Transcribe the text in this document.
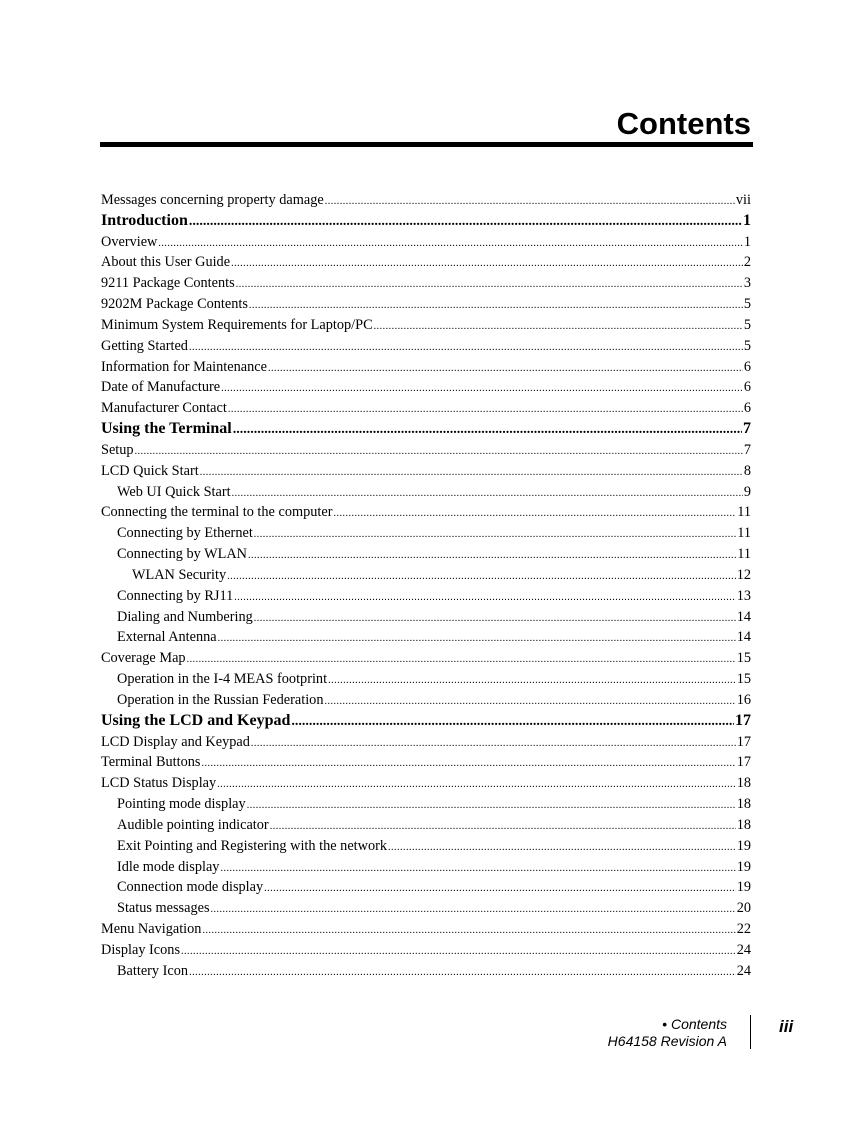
Contents
Messages concerning property damage .....	vii
Introduction .....	1
Overview .....	1
About this User Guide .....	2
9211 Package Contents .....	3
9202M Package Contents .....	5
Minimum System Requirements for Laptop/PC .....	5
Getting Started .....	5
Information for Maintenance .....	6
Date of Manufacture .....	6
Manufacturer Contact .....	6
Using the Terminal .....	7
Setup .....	7
LCD Quick Start .....	8
Web UI Quick Start .....	9
Connecting the terminal to the computer .....	11
Connecting by Ethernet .....	11
Connecting by WLAN .....	11
WLAN Security .....	12
Connecting by RJ11 .....	13
Dialing and Numbering .....	14
External Antenna .....	14
Coverage Map .....	15
Operation in the I-4 MEAS footprint .....	15
Operation in the Russian Federation .....	16
Using the LCD and Keypad .....	17
LCD Display and Keypad .....	17
Terminal Buttons .....	17
LCD Status Display .....	18
Pointing mode display .....	18
Audible pointing indicator .....	18
Exit Pointing and Registering with the network .....	19
Idle mode display .....	19
Connection mode display .....	19
Status messages .....	20
Menu Navigation .....	22
Display Icons .....	24
Battery Icon .....	24
• Contents
H64158 Revision A
iii
